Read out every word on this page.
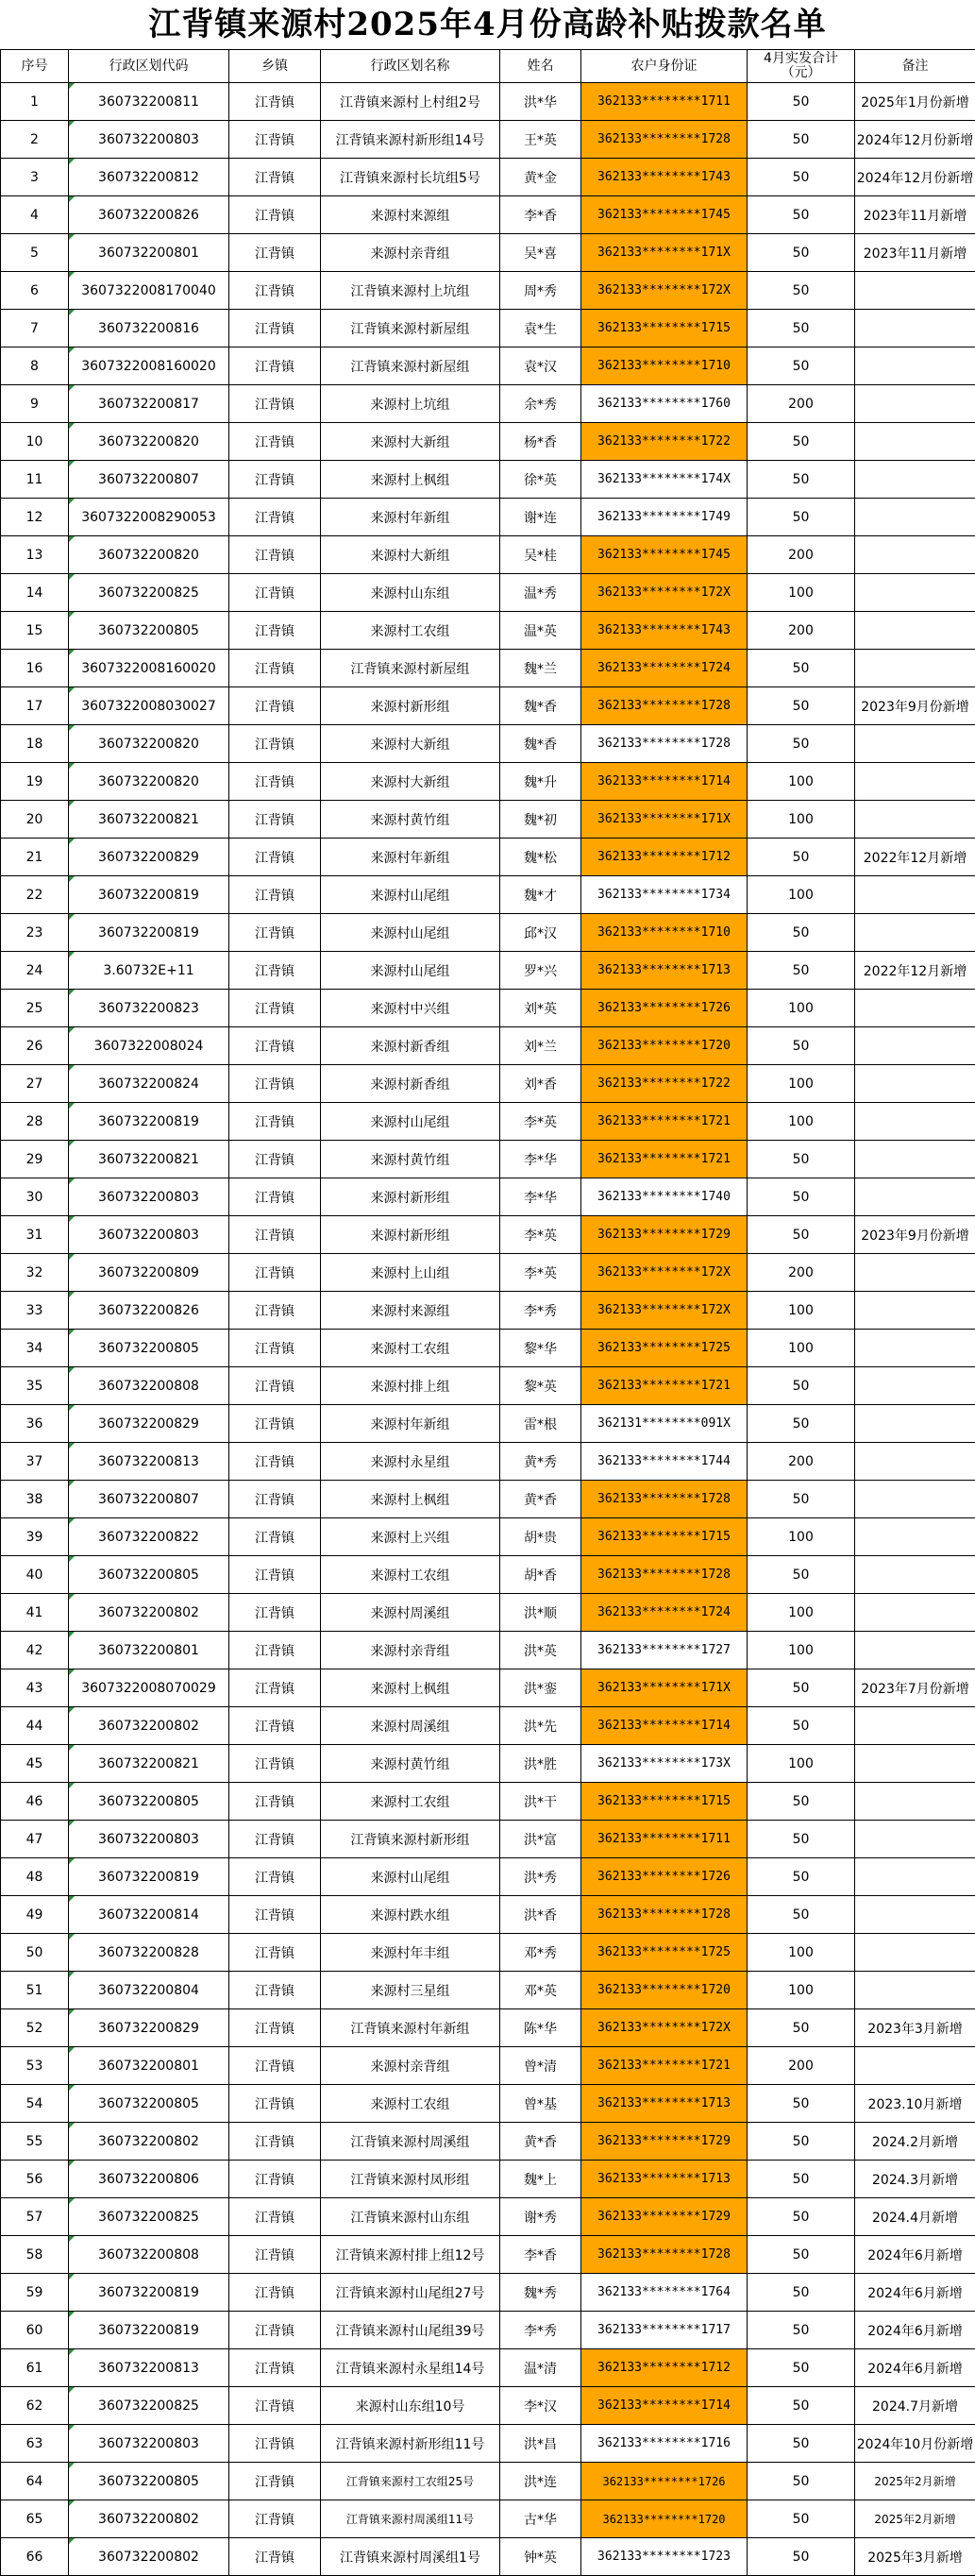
江背镇来源村2025年4月份高龄补贴拨款名单
序号	行政区划代码	乡镇	行政区划名称	姓名	农户身份证	4月实发合计（元）	备注
1	360732200811	江背镇	江背镇来源村上村组2号	洪*华	362133********1711	50	2025年1月份新增
2	360732200803	江背镇	江背镇来源村新形组14号	王*英	362133********1728	50	2024年12月份新增
3	360732200812	江背镇	江背镇来源村长坑组5号	黄*金	362133********1743	50	2024年12月份新增
4	360732200826	江背镇	来源村来源组	李*香	362133********1745	50	2023年11月新增
5	360732200801	江背镇	来源村亲背组	吴*喜	362133********171X	50	2023年11月新增
6	3607322008170040	江背镇	江背镇来源村上坑组	周*秀	362133********172X	50	
7	360732200816	江背镇	江背镇来源村新屋组	袁*生	362133********1715	50	
8	3607322008160020	江背镇	江背镇来源村新屋组	袁*汉	362133********1710	50	
9	360732200817	江背镇	来源村上坑组	余*秀	362133********1760	200	
10	360732200820	江背镇	来源村大新组	杨*香	362133********1722	50	
11	360732200807	江背镇	来源村上枫组	徐*英	362133********174X	50	
12	3607322008290053	江背镇	来源村年新组	谢*连	362133********1749	50	
13	360732200820	江背镇	来源村大新组	吴*桂	362133********1745	200	
14	360732200825	江背镇	来源村山东组	温*秀	362133********172X	100	
15	360732200805	江背镇	来源村工农组	温*英	362133********1743	200	
16	3607322008160020	江背镇	江背镇来源村新屋组	魏*兰	362133********1724	50	
17	3607322008030027	江背镇	来源村新形组	魏*香	362133********1728	50	2023年9月份新增
18	360732200820	江背镇	来源村大新组	魏*香	362133********1728	50	
19	360732200820	江背镇	来源村大新组	魏*升	362133********1714	100	
20	360732200821	江背镇	来源村黄竹组	魏*初	362133********171X	100	
21	360732200829	江背镇	来源村年新组	魏*松	362133********1712	50	2022年12月新增
22	360732200819	江背镇	来源村山尾组	魏*才	362133********1734	100	
23	360732200819	江背镇	来源村山尾组	邱*汉	362133********1710	50	
24	3.60732E+11	江背镇	来源村山尾组	罗*兴	362133********1713	50	2022年12月新增
25	360732200823	江背镇	来源村中兴组	刘*英	362133********1726	100	
26	3607322008024	江背镇	来源村新香组	刘*兰	362133********1720	50	
27	360732200824	江背镇	来源村新香组	刘*香	362133********1722	100	
28	360732200819	江背镇	来源村山尾组	李*英	362133********1721	100	
29	360732200821	江背镇	来源村黄竹组	李*华	362133********1721	50	
30	360732200803	江背镇	来源村新形组	李*华	362133********1740	50	
31	360732200803	江背镇	来源村新形组	李*英	362133********1729	50	2023年9月份新增
32	360732200809	江背镇	来源村上山组	李*英	362133********172X	200	
33	360732200826	江背镇	来源村来源组	李*秀	362133********172X	100	
34	360732200805	江背镇	来源村工农组	黎*华	362133********1725	100	
35	360732200808	江背镇	来源村排上组	黎*英	362133********1721	50	
36	360732200829	江背镇	来源村年新组	雷*根	362131********091X	50	
37	360732200813	江背镇	来源村永星组	黄*秀	362133********1744	200	
38	360732200807	江背镇	来源村上枫组	黄*香	362133********1728	50	
39	360732200822	江背镇	来源村上兴组	胡*贵	362133********1715	100	
40	360732200805	江背镇	来源村工农组	胡*香	362133********1728	50	
41	360732200802	江背镇	来源村周溪组	洪*顺	362133********1724	100	
42	360732200801	江背镇	来源村亲背组	洪*英	362133********1727	100	
43	3607322008070029	江背镇	来源村上枫组	洪*銮	362133********171X	50	2023年7月份新增
44	360732200802	江背镇	来源村周溪组	洪*先	362133********1714	50	
45	360732200821	江背镇	来源村黄竹组	洪*胜	362133********173X	100	
46	360732200805	江背镇	来源村工农组	洪*干	362133********1715	50	
47	360732200803	江背镇	江背镇来源村新形组	洪*富	362133********1711	50	
48	360732200819	江背镇	来源村山尾组	洪*秀	362133********1726	50	
49	360732200814	江背镇	来源村跌水组	洪*香	362133********1728	50	
50	360732200828	江背镇	来源村年丰组	邓*秀	362133********1725	100	
51	360732200804	江背镇	来源村三星组	邓*英	362133********1720	100	
52	360732200829	江背镇	江背镇来源村年新组	陈*华	362133********172X	50	2023年3月新增
53	360732200801	江背镇	来源村亲背组	曾*清	362133********1721	200	
54	360732200805	江背镇	来源村工农组	曾*基	362133********1713	50	2023.10月新增
55	360732200802	江背镇	江背镇来源村周溪组	黄*香	362133********1729	50	2024.2月新增
56	360732200806	江背镇	江背镇来源村凤形组	魏*上	362133********1713	50	2024.3月新增
57	360732200825	江背镇	江背镇来源村山东组	谢*秀	362133********1729	50	2024.4月新增
58	360732200808	江背镇	江背镇来源村排上组12号	李*香	362133********1728	50	2024年6月新增
59	360732200819	江背镇	江背镇来源村山尾组27号	魏*秀	362133********1764	50	2024年6月新增
60	360732200819	江背镇	江背镇来源村山尾组39号	李*秀	362133********1717	50	2024年6月新增
61	360732200813	江背镇	江背镇来源村永星组14号	温*清	362133********1712	50	2024年6月新增
62	360732200825	江背镇	来源村山东组10号	李*汉	362133********1714	50	2024.7月新增
63	360732200803	江背镇	江背镇来源村新形组11号	洪*昌	362133********1716	50	2024年10月份新增
64	360732200805	江背镇	江背镇来源村工农组25号	洪*连	362133********1726	50	2025年2月新增
65	360732200802	江背镇	江背镇来源村周溪组11号	古*华	362133********1720	50	2025年2月新增
66	360732200802	江背镇	江背镇来源村周溪组1号	钟*英	362133********1723	50	2025年3月新增
